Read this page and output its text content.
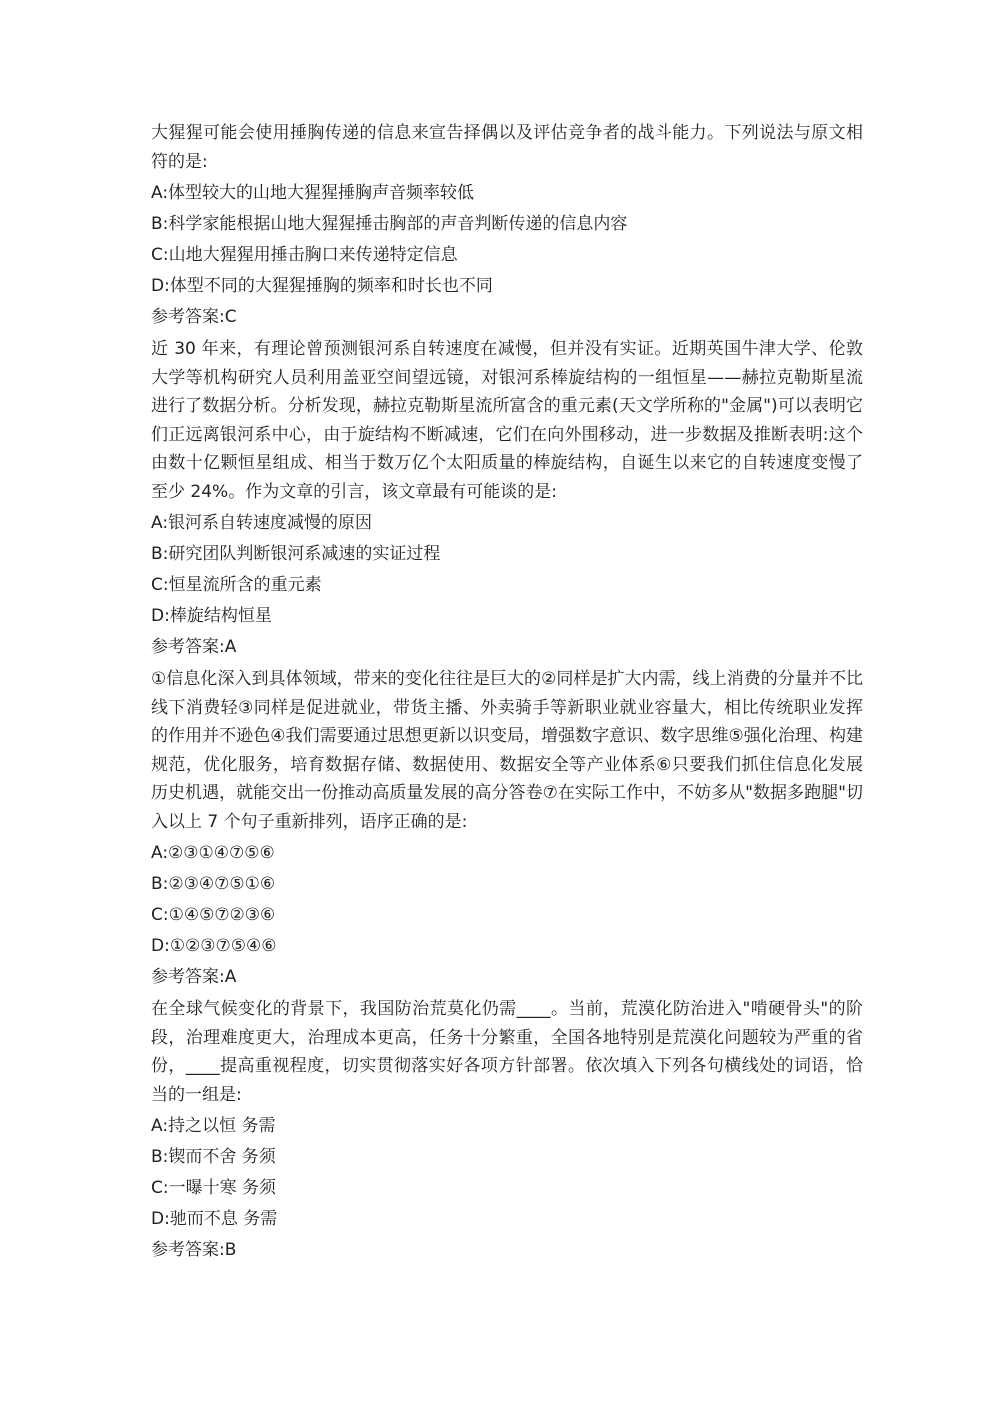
大猩猩可能会使用捶胸传递的信息来宣告择偶以及评估竞争者的战斗能力。下列说法与原文相符的是:
A:体型较大的山地大猩猩捶胸声音频率较低
B:科学家能根据山地大猩猩捶击胸部的声音判断传递的信息内容
C:山地大猩猩用捶击胸口来传递特定信息
D:体型不同的大猩猩捶胸的频率和时长也不同
参考答案:C
近 30 年来，有理论曾预测银河系自转速度在减慢，但并没有实证。近期英国牛津大学、伦敦大学等机构研究人员利用盖亚空间望远镜，对银河系棒旋结构的一组恒星——赫拉克勒斯星流进行了数据分析。分析发现，赫拉克勒斯星流所富含的重元素(天文学所称的"金属")可以表明它们正远离银河系中心，由于旋结构不断减速，它们在向外围移动，进一步数据及推断表明:这个由数十亿颗恒星组成、相当于数万亿个太阳质量的棒旋结构，自诞生以来它的自转速度变慢了至少 24%。作为文章的引言，该文章最有可能谈的是:
A:银河系自转速度减慢的原因
B:研究团队判断银河系减速的实证过程
C:恒星流所含的重元素
D:棒旋结构恒星
参考答案:A
①信息化深入到具体领域，带来的变化往往是巨大的②同样是扩大内需，线上消费的分量并不比线下消费轻③同样是促进就业，带货主播、外卖骑手等新职业就业容量大，相比传统职业发挥的作用并不逊色④我们需要通过思想更新以识变局，增强数字意识、数字思维⑤强化治理、构建规范，优化服务，培育数据存储、数据使用、数据安全等产业体系⑥只要我们抓住信息化发展历史机遇，就能交出一份推动高质量发展的高分答卷⑦在实际工作中，不妨多从"数据多跑腿"切入以上 7 个句子重新排列，语序正确的是:
A:②③①④⑦⑤⑥
B:②③④⑦⑤①⑥
C:①④⑤⑦②③⑥
D:①②③⑦⑤④⑥
参考答案:A
在全球气候变化的背景下，我国防治荒莫化仍需____。当前，荒漠化防治进入"啃硬骨头"的阶段，治理难度更大，治理成本更高，任务十分繁重，全国各地特别是荒漠化问题较为严重的省份，____提高重视程度，切实贯彻落实好各项方针部署。依次填入下列各句横线处的词语，恰当的一组是:
A:持之以恒 务需
B:锲而不舍 务须
C:一曝十寒 务须
D:驰而不息 务需
参考答案:B
